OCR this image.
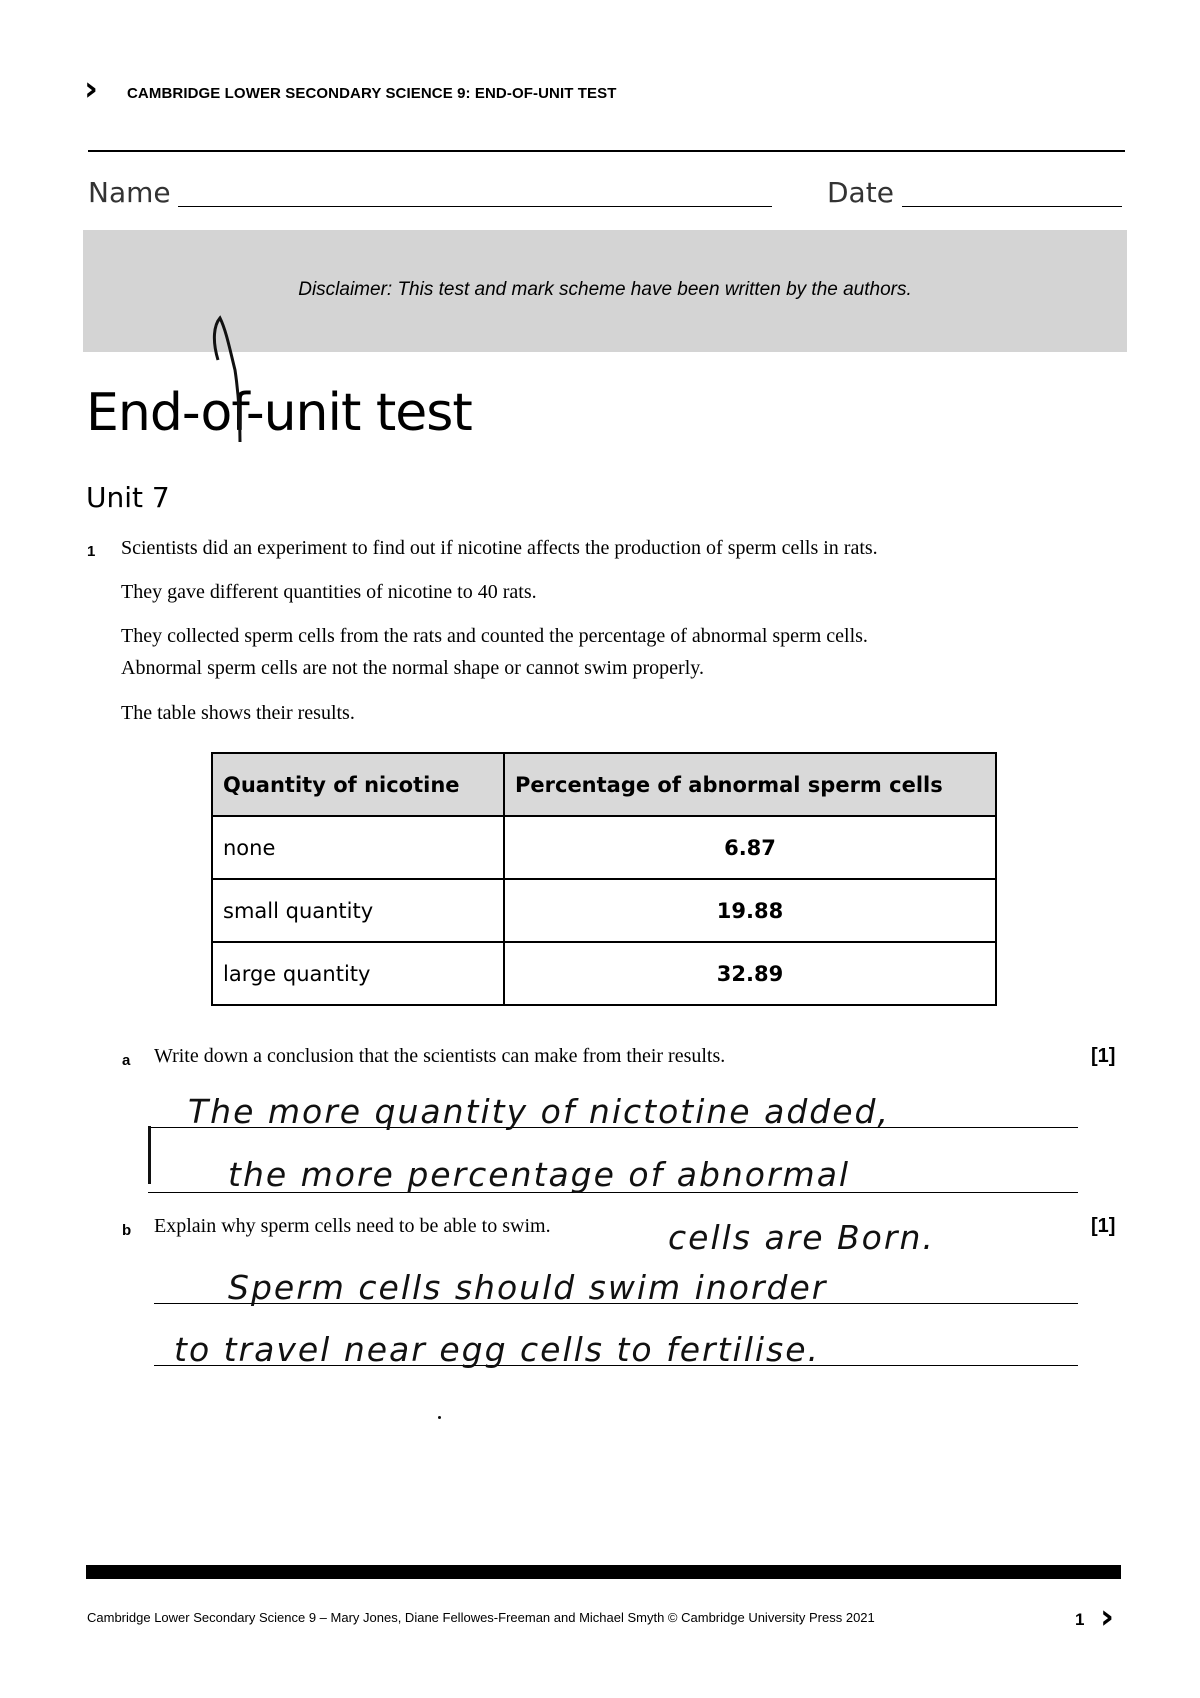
› CAMBRIDGE LOWER SECONDARY SCIENCE 9: END-OF-UNIT TEST
Name	Date
Disclaimer: This test and mark scheme have been written by the authors.
End-of-unit test
Unit 7
1 Scientists did an experiment to find out if nicotine affects the production of sperm cells in rats.
They gave different quantities of nicotine to 40 rats.
They collected sperm cells from the rats and counted the percentage of abnormal sperm cells.
Abnormal sperm cells are not the normal shape or cannot swim properly.
The table shows their results.
Quantity of nicotine	Percentage of abnormal sperm cells
none	6.87
small quantity	19.88
large quantity	32.89
a Write down a conclusion that the scientists can make from their results.	[1]
The more quantity of nictotine added,
the more percentage of abnormal
cells are Born.
b Explain why sperm cells need to be able to swim.	[1]
Sperm cells should swim inorder
to travel near egg cells to fertilise.
Cambridge Lower Secondary Science 9 – Mary Jones, Diane Fellowes-Freeman and Michael Smyth © Cambridge University Press 2021	1 ›
